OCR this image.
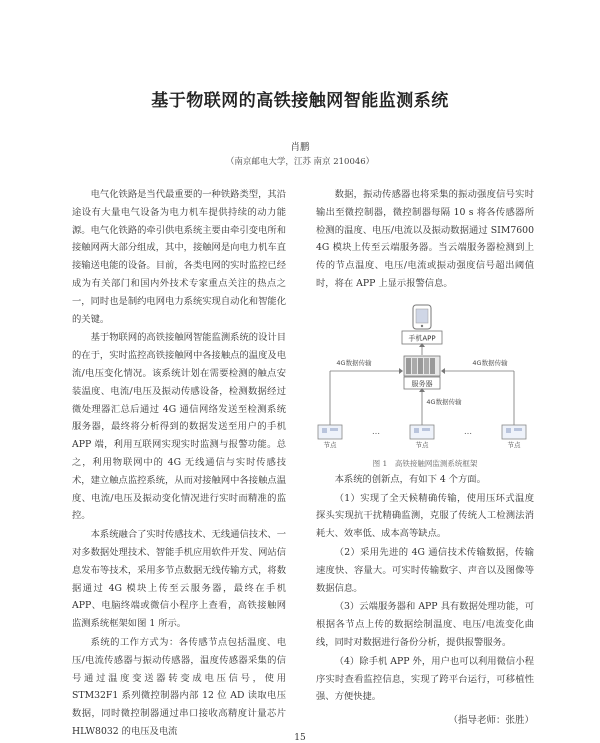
基于物联网的高铁接触网智能监测系统
肖鹏
（南京邮电大学，江苏 南京 210046）

电气化铁路是当代最重要的一种铁路类型，其沿途设有大量电气设备为电力机车提供持续的动力能源。电气化铁路的牵引供电系统主要由牵引变电所和接触网两大部分组成，其中，接触网是向电力机车直接输送电能的设备。目前，各类电网的实时监控已经成为有关部门和国内外技术专家重点关注的热点之一，同时也是制约电网电力系统实现自动化和智能化的关键。

基于物联网的高铁接触网智能监测系统的设计目的在于，实时监控高铁接触网中各接触点的温度及电流/电压变化情况。该系统计划在需要检测的触点安装温度、电流/电压及振动传感设备，检测数据经过微处理器汇总后通过 4G 通信网络发送至检测系统服务器，最终将分析得到的数据发送至用户的手机 APP 端，利用互联网实现实时监测与报警功能。总之，利用物联网中的 4G 无线通信与实时传感技术，建立触点监控系统，从而对接触网中各接触点温度、电流/电压及振动变化情况进行实时而精准的监控。

本系统融合了实时传感技术、无线通信技术、一对多数据处理技术、智能手机应用软件开发、网站信息发布等技术，采用多节点数据无线传输方式，将数据通过 4G 模块上传至云服务器，最终在手机 APP、电脑终端或微信小程序上查看，高铁接触网监测系统框架如图 1 所示。

系统的工作方式为：各传感节点包括温度、电压/电流传感器与振动传感器，温度传感器采集的信号通过温度变送器转变成电压信号，使用 STM32F1 系列微控制器内部 12 位 AD 读取电压数据，同时微控制器通过串口接收高精度计量芯片 HLW8032 的电压及电流

数据，振动传感器也将采集的振动强度信号实时输出至微控制器，微控制器每隔 10 s 将各传感器所检测的温度、电压/电流以及振动数据通过 SIM7600 4G 模块上传至云端服务器。当云端服务器检测到上传的节点温度、电压/电流或振动强度信号超出阈值时，将在 APP 上显示报警信息。

手机APP
服务器
4G数据传输	4G数据传输
4G数据传输
节点
…
节点
…
节点
图 1　高铁接触网监测系统框架

本系统的创新点，有如下 4 个方面。

（1）实现了全天候精确传输，使用压环式温度探头实现抗干扰精确监测，克服了传统人工检测法消耗大、效率低、成本高等缺点。

（2）采用先进的 4G 通信技术传输数据，传输速度快、容量大。可实时传输数字、声音以及图像等数据信息。

（3）云端服务器和 APP 具有数据处理功能，可根据各节点上传的数据绘制温度、电压/电流变化曲线，同时对数据进行备份分析，提供报警服务。

（4）除手机 APP 外，用户也可以利用微信小程序实时查看监控信息，实现了跨平台运行，可移植性强、方便快捷。

（指导老师：张胜）
15
